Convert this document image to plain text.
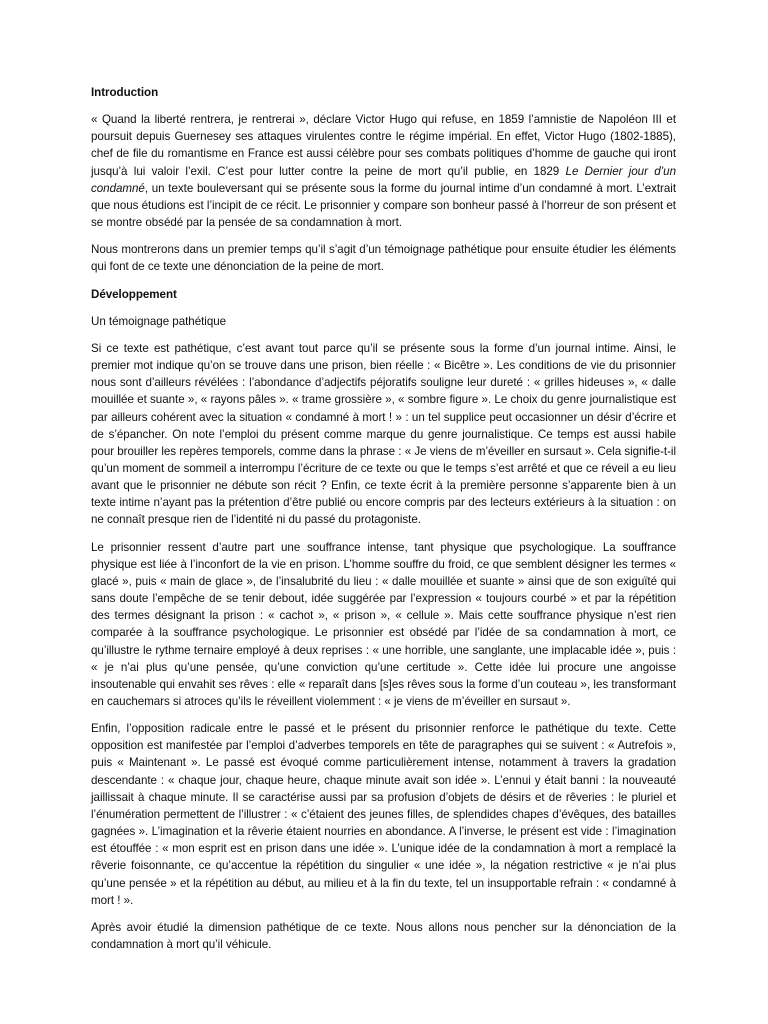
Introduction

« Quand la liberté rentrera, je rentrerai », déclare Victor Hugo qui refuse, en 1859 l’amnistie de Napoléon III et poursuit depuis Guernesey ses attaques virulentes contre le régime impérial. En effet, Victor Hugo (1802-1885), chef de file du romantisme en France est aussi célèbre pour ses combats politiques d’homme de gauche qui iront jusqu’à lui valoir l’exil. C’est pour lutter contre la peine de mort qu’il publie, en 1829 Le Dernier jour d’un condamné, un texte bouleversant qui se présente sous la forme du journal intime d’un condamné à mort. L’extrait que nous étudions est l’incipit de ce récit. Le prisonnier y compare son bonheur passé à l’horreur de son présent et se montre obsédé par la pensée de sa condamnation à mort.

Nous montrerons dans un premier temps qu’il s’agit d’un témoignage pathétique pour ensuite étudier les éléments qui font de ce texte une dénonciation de la peine de mort.

Développement
Un témoignage pathétique

Si ce texte est pathétique, c’est avant tout parce qu’il se présente sous la forme d’un journal intime. Ainsi, le premier mot indique qu’on se trouve dans une prison, bien réelle : « Bicêtre ». Les conditions de vie du prisonnier nous sont d’ailleurs révélées : l’abondance d’adjectifs péjoratifs souligne leur dureté : « grilles hideuses », « dalle mouillée et suante », « rayons pâles ». « trame grossière », « sombre figure ». Le choix du genre journalistique est par ailleurs cohérent avec la situation « condamné à mort ! » : un tel supplice peut occasionner un désir d’écrire et de s’épancher. On note l’emploi du présent comme marque du genre journalistique. Ce temps est aussi habile pour brouiller les repères temporels, comme dans la phrase : « Je viens de m’éveiller en sursaut ». Cela signifie-t-il qu’un moment de sommeil a interrompu l’écriture de ce texte ou que le temps s’est arrêté et que ce réveil a eu lieu avant que le prisonnier ne débute son récit ? Enfin, ce texte écrit à la première personne s’apparente bien à un texte intime n’ayant pas la prétention d’être publié ou encore compris par des lecteurs extérieurs à la situation : on ne connaît presque rien de l’identité ni du passé du protagoniste.

Le prisonnier ressent d’autre part une souffrance intense, tant physique que psychologique. La souffrance physique est liée à l’inconfort de la vie en prison. L’homme souffre du froid, ce que semblent désigner les termes « glacé », puis « main de glace », de l’insalubrité du lieu : « dalle mouillée et suante » ainsi que de son exiguïté qui sans doute l’empêche de se tenir debout, idée suggérée par l’expression « toujours courbé » et par la répétition des termes désignant la prison : « cachot », « prison », « cellule ». Mais cette souffrance physique n’est rien comparée à la souffrance psychologique. Le prisonnier est obsédé par l’idée de sa condamnation à mort, ce qu’illustre le rythme ternaire employé à deux reprises : « une horrible, une sanglante, une implacable idée », puis : « je n’ai plus qu’une pensée, qu’une conviction qu’une certitude ». Cette idée lui procure une angoisse insoutenable qui envahit ses rêves : elle « reparaît dans [s]es rêves sous la forme d’un couteau », les transformant en cauchemars si atroces qu’ils le réveillent violemment : « je viens de m’éveiller en sursaut ».

Enfin, l’opposition radicale entre le passé et le présent du prisonnier renforce le pathétique du texte. Cette opposition est manifestée par l’emploi d’adverbes temporels en tête de paragraphes qui se suivent : « Autrefois », puis « Maintenant ». Le passé est évoqué comme particulièrement intense, notamment à travers la gradation descendante : « chaque jour, chaque heure, chaque minute avait son idée ». L’ennui y était banni : la nouveauté jaillissait à chaque minute. Il se caractérise aussi par sa profusion d’objets de désirs et de rêveries : le pluriel et l’énumération permettent de l’illustrer : « c’étaient des jeunes filles, de splendides chapes d’évêques, des batailles gagnées ». L’imagination et la rêverie étaient nourries en abondance. A l’inverse, le présent est vide : l’imagination est étouffée : « mon esprit est en prison dans une idée ». L’unique idée de la condamnation à mort a remplacé la rêverie foisonnante, ce qu’accentue la répétition du singulier « une idée », la négation restrictive « je n’ai plus qu’une pensée » et la répétition au début, au milieu et à la fin du texte, tel un insupportable refrain : « condamné à mort ! ».

Après avoir étudié la dimension pathétique de ce texte. Nous allons nous pencher sur la dénonciation de la condamnation à mort qu’il véhicule.
